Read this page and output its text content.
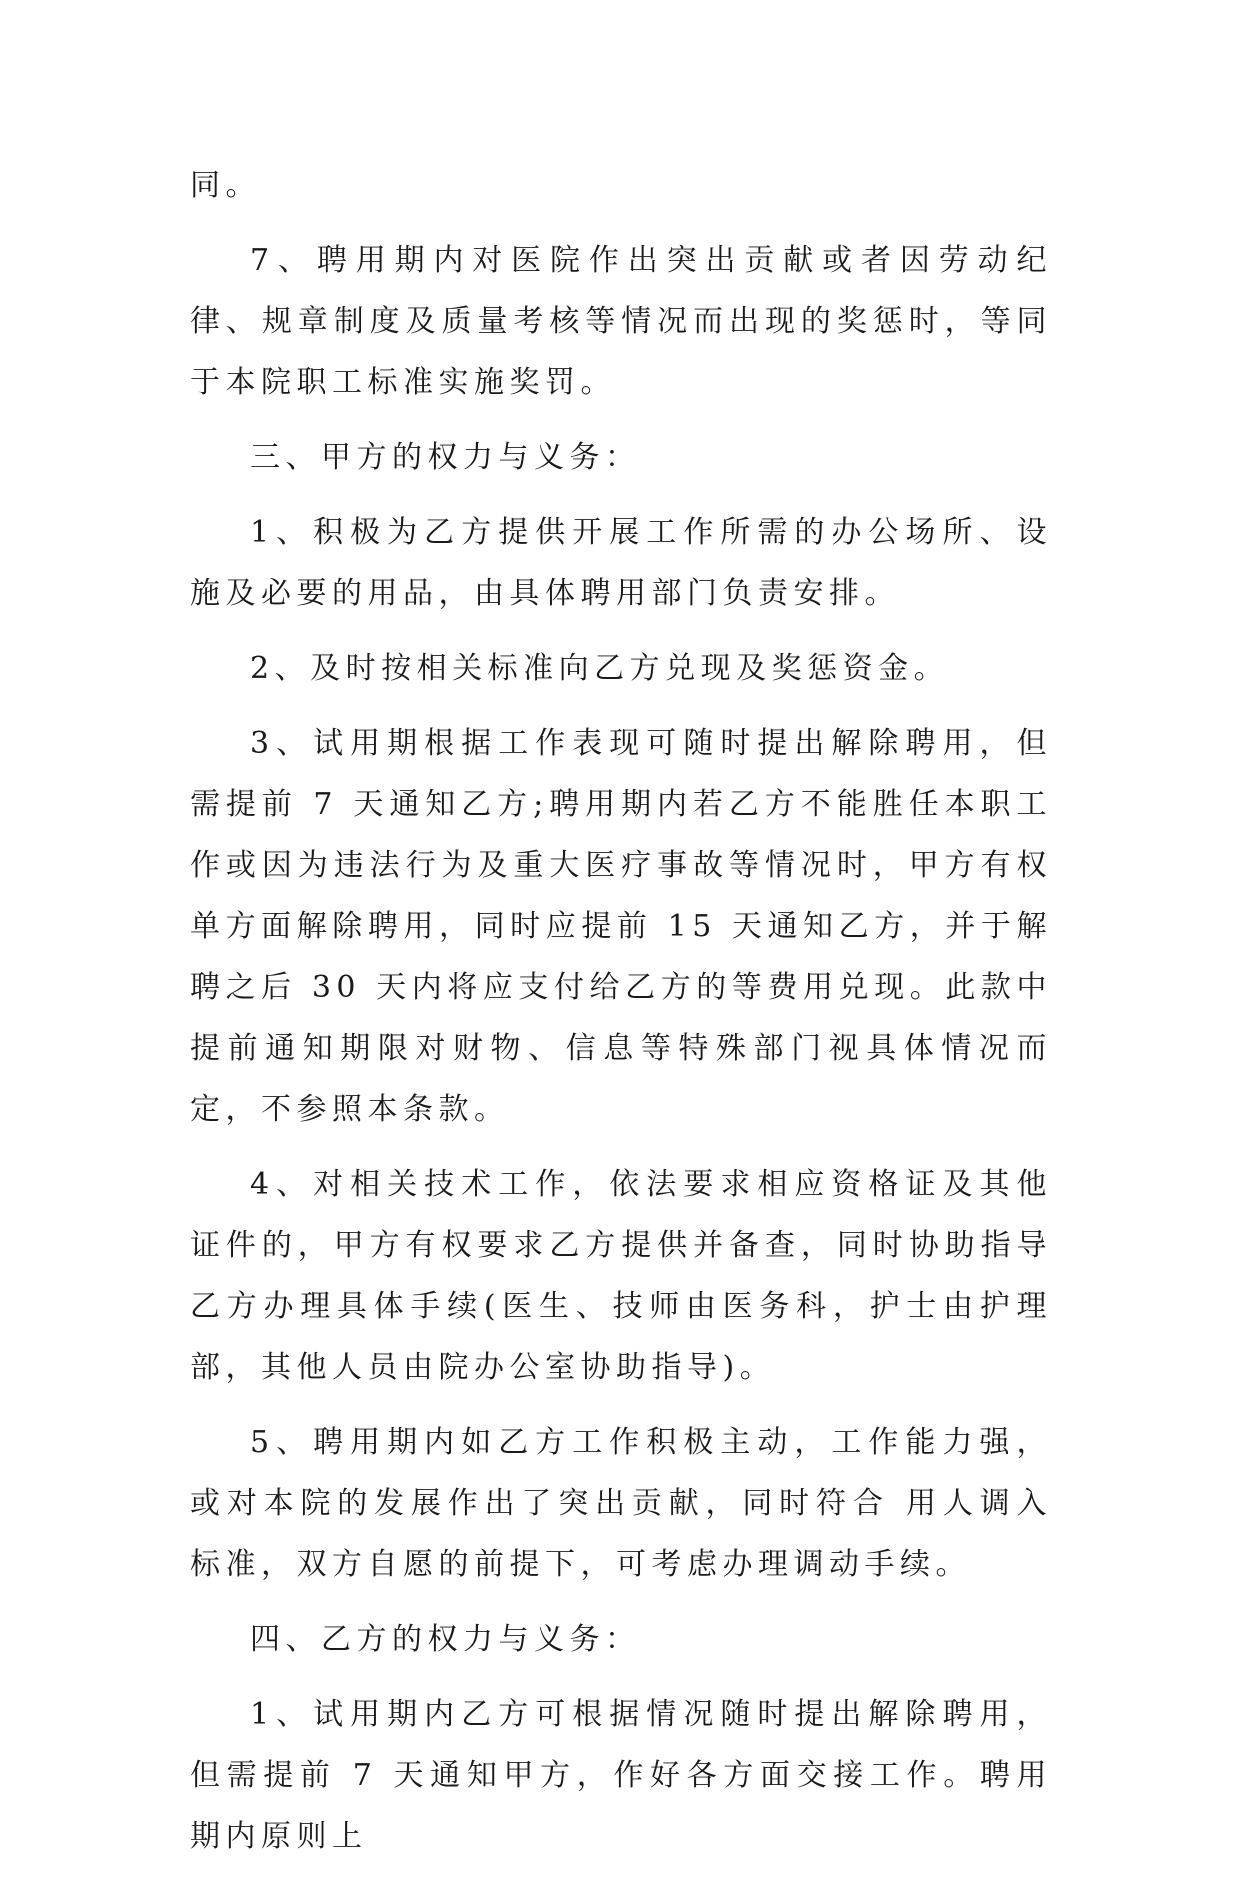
同。

7、聘用期内对医院作出突出贡献或者因劳动纪律、规章制度及质量考核等情况而出现的奖惩时，等同于本院职工标准实施奖罚。

三、甲方的权力与义务：

1、积极为乙方提供开展工作所需的办公场所、设施及必要的用品，由具体聘用部门负责安排。

2、及时按相关标准向乙方兑现及奖惩资金。

3、试用期根据工作表现可随时提出解除聘用，但需提前 7 天通知乙方;聘用期内若乙方不能胜任本职工作或因为违法行为及重大医疗事故等情况时，甲方有权单方面解除聘用，同时应提前 15 天通知乙方，并于解聘之后 30 天内将应支付给乙方的等费用兑现。此款中提前通知期限对财物、信息等特殊部门视具体情况而定，不参照本条款。

4、对相关技术工作，依法要求相应资格证及其他证件的，甲方有权要求乙方提供并备查，同时协助指导乙方办理具体手续(医生、技师由医务科，护士由护理部，其他人员由院办公室协助指导)。

5、聘用期内如乙方工作积极主动，工作能力强，或对本院的发展作出了突出贡献，同时符合 用人调入标准，双方自愿的前提下，可考虑办理调动手续。

四、乙方的权力与义务：

1、试用期内乙方可根据情况随时提出解除聘用，但需提前 7 天通知甲方，作好各方面交接工作。聘用期内原则上
